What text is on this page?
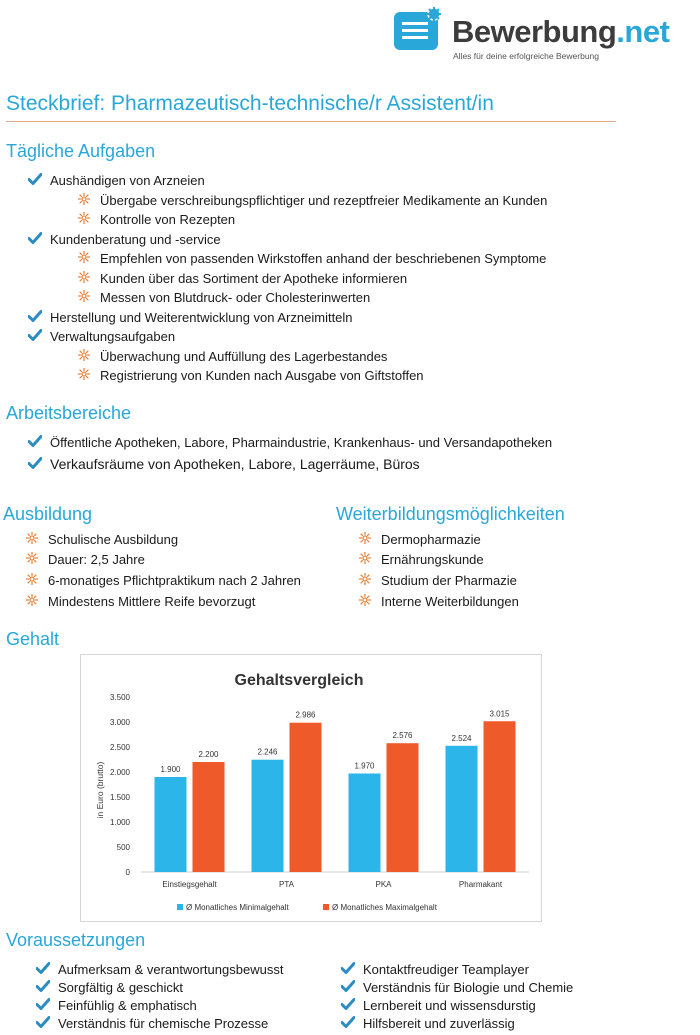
Bewerbung.net
Alles für deine erfolgreiche Bewerbung
Steckbrief: Pharmazeutisch-technische/r Assistent/in
Tägliche Aufgaben
Aushändigen von Arzneien
Übergabe verschreibungspflichtiger und rezeptfreier Medikamente an Kunden
Kontrolle von Rezepten
Kundenberatung und -service
Empfehlen von passenden Wirkstoffen anhand der beschriebenen Symptome
Kunden über das Sortiment der Apotheke informieren
Messen von Blutdruck- oder Cholesterinwerten
Herstellung und Weiterentwicklung von Arzneimitteln
Verwaltungsaufgaben
Überwachung und Auffüllung des Lagerbestandes
Registrierung von Kunden nach Ausgabe von Giftstoffen
Arbeitsbereiche
Öffentliche Apotheken, Labore, Pharmaindustrie, Krankenhaus- und Versandapotheken
Verkaufsräume von Apotheken, Labore, Lagerräume, Büros
Ausbildung
Schulische Ausbildung
Dauer: 2,5 Jahre
6-monatiges Pflichtpraktikum nach 2 Jahren
Mindestens Mittlere Reife bevorzugt
Weiterbildungsmöglichkeiten
Dermopharmazie
Ernährungskunde
Studium der Pharmazie
Interne Weiterbildungen
Gehalt
Gehaltsvergleich
in Euro (brutto)
0
500
1.000
1.500
2.000
2.500
3.000
3.500
1.900
2.200	2.246
2.986
1.970
2.576	2.524
3.015
Einstiegsgehalt	PTA	PKA	Pharmakant
Ø Monatliches Minimalgehalt	Ø Monatliches Maximalgehalt
Voraussetzungen
Aufmerksam & verantwortungsbewusst
Sorgfältig & geschickt
Feinfühlig & emphatisch
Verständnis für chemische Prozesse
Kontaktfreudiger Teamplayer
Verständnis für Biologie und Chemie
Lernbereit und wissensdurstig
Hilfsbereit und zuverlässig
